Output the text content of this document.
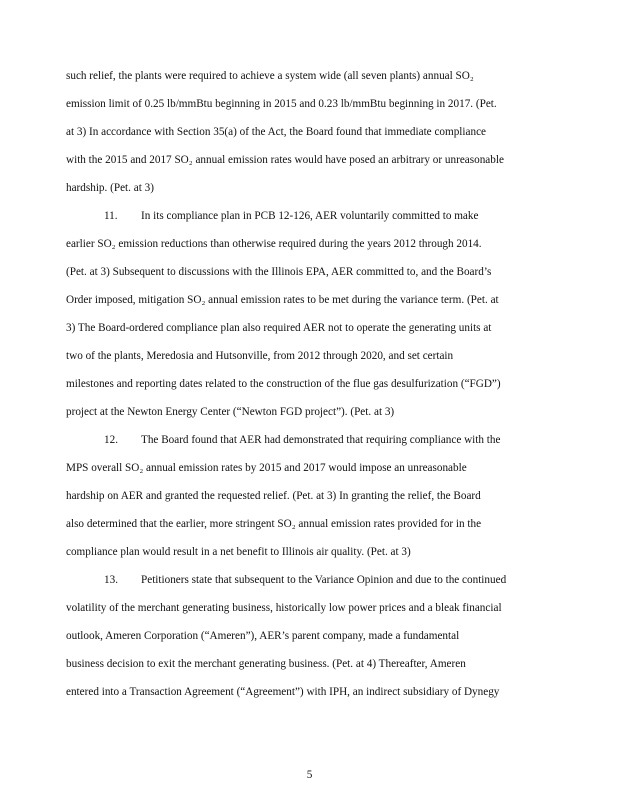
such relief, the plants were required to achieve a system wide (all seven plants) annual SO₂
emission limit of 0.25 lb/mmBtu beginning in 2015 and 0.23 lb/mmBtu beginning in 2017. (Pet.
at 3) In accordance with Section 35(a) of the Act, the Board found that immediate compliance
with the 2015 and 2017 SO₂ annual emission rates would have posed an arbitrary or unreasonable
hardship. (Pet. at 3)
11. In its compliance plan in PCB 12-126, AER voluntarily committed to make
earlier SO₂ emission reductions than otherwise required during the years 2012 through 2014.
(Pet. at 3) Subsequent to discussions with the Illinois EPA, AER committed to, and the Board’s
Order imposed, mitigation SO₂ annual emission rates to be met during the variance term. (Pet. at
3) The Board-ordered compliance plan also required AER not to operate the generating units at
two of the plants, Meredosia and Hutsonville, from 2012 through 2020, and set certain
milestones and reporting dates related to the construction of the flue gas desulfurization (“FGD”)
project at the Newton Energy Center (“Newton FGD project”). (Pet. at 3)
12. The Board found that AER had demonstrated that requiring compliance with the
MPS overall SO₂ annual emission rates by 2015 and 2017 would impose an unreasonable
hardship on AER and granted the requested relief. (Pet. at 3) In granting the relief, the Board
also determined that the earlier, more stringent SO₂ annual emission rates provided for in the
compliance plan would result in a net benefit to Illinois air quality. (Pet. at 3)
13. Petitioners state that subsequent to the Variance Opinion and due to the continued
volatility of the merchant generating business, historically low power prices and a bleak financial
outlook, Ameren Corporation (“Ameren”), AER’s parent company, made a fundamental
business decision to exit the merchant generating business. (Pet. at 4) Thereafter, Ameren
entered into a Transaction Agreement (“Agreement”) with IPH, an indirect subsidiary of Dynegy
5
